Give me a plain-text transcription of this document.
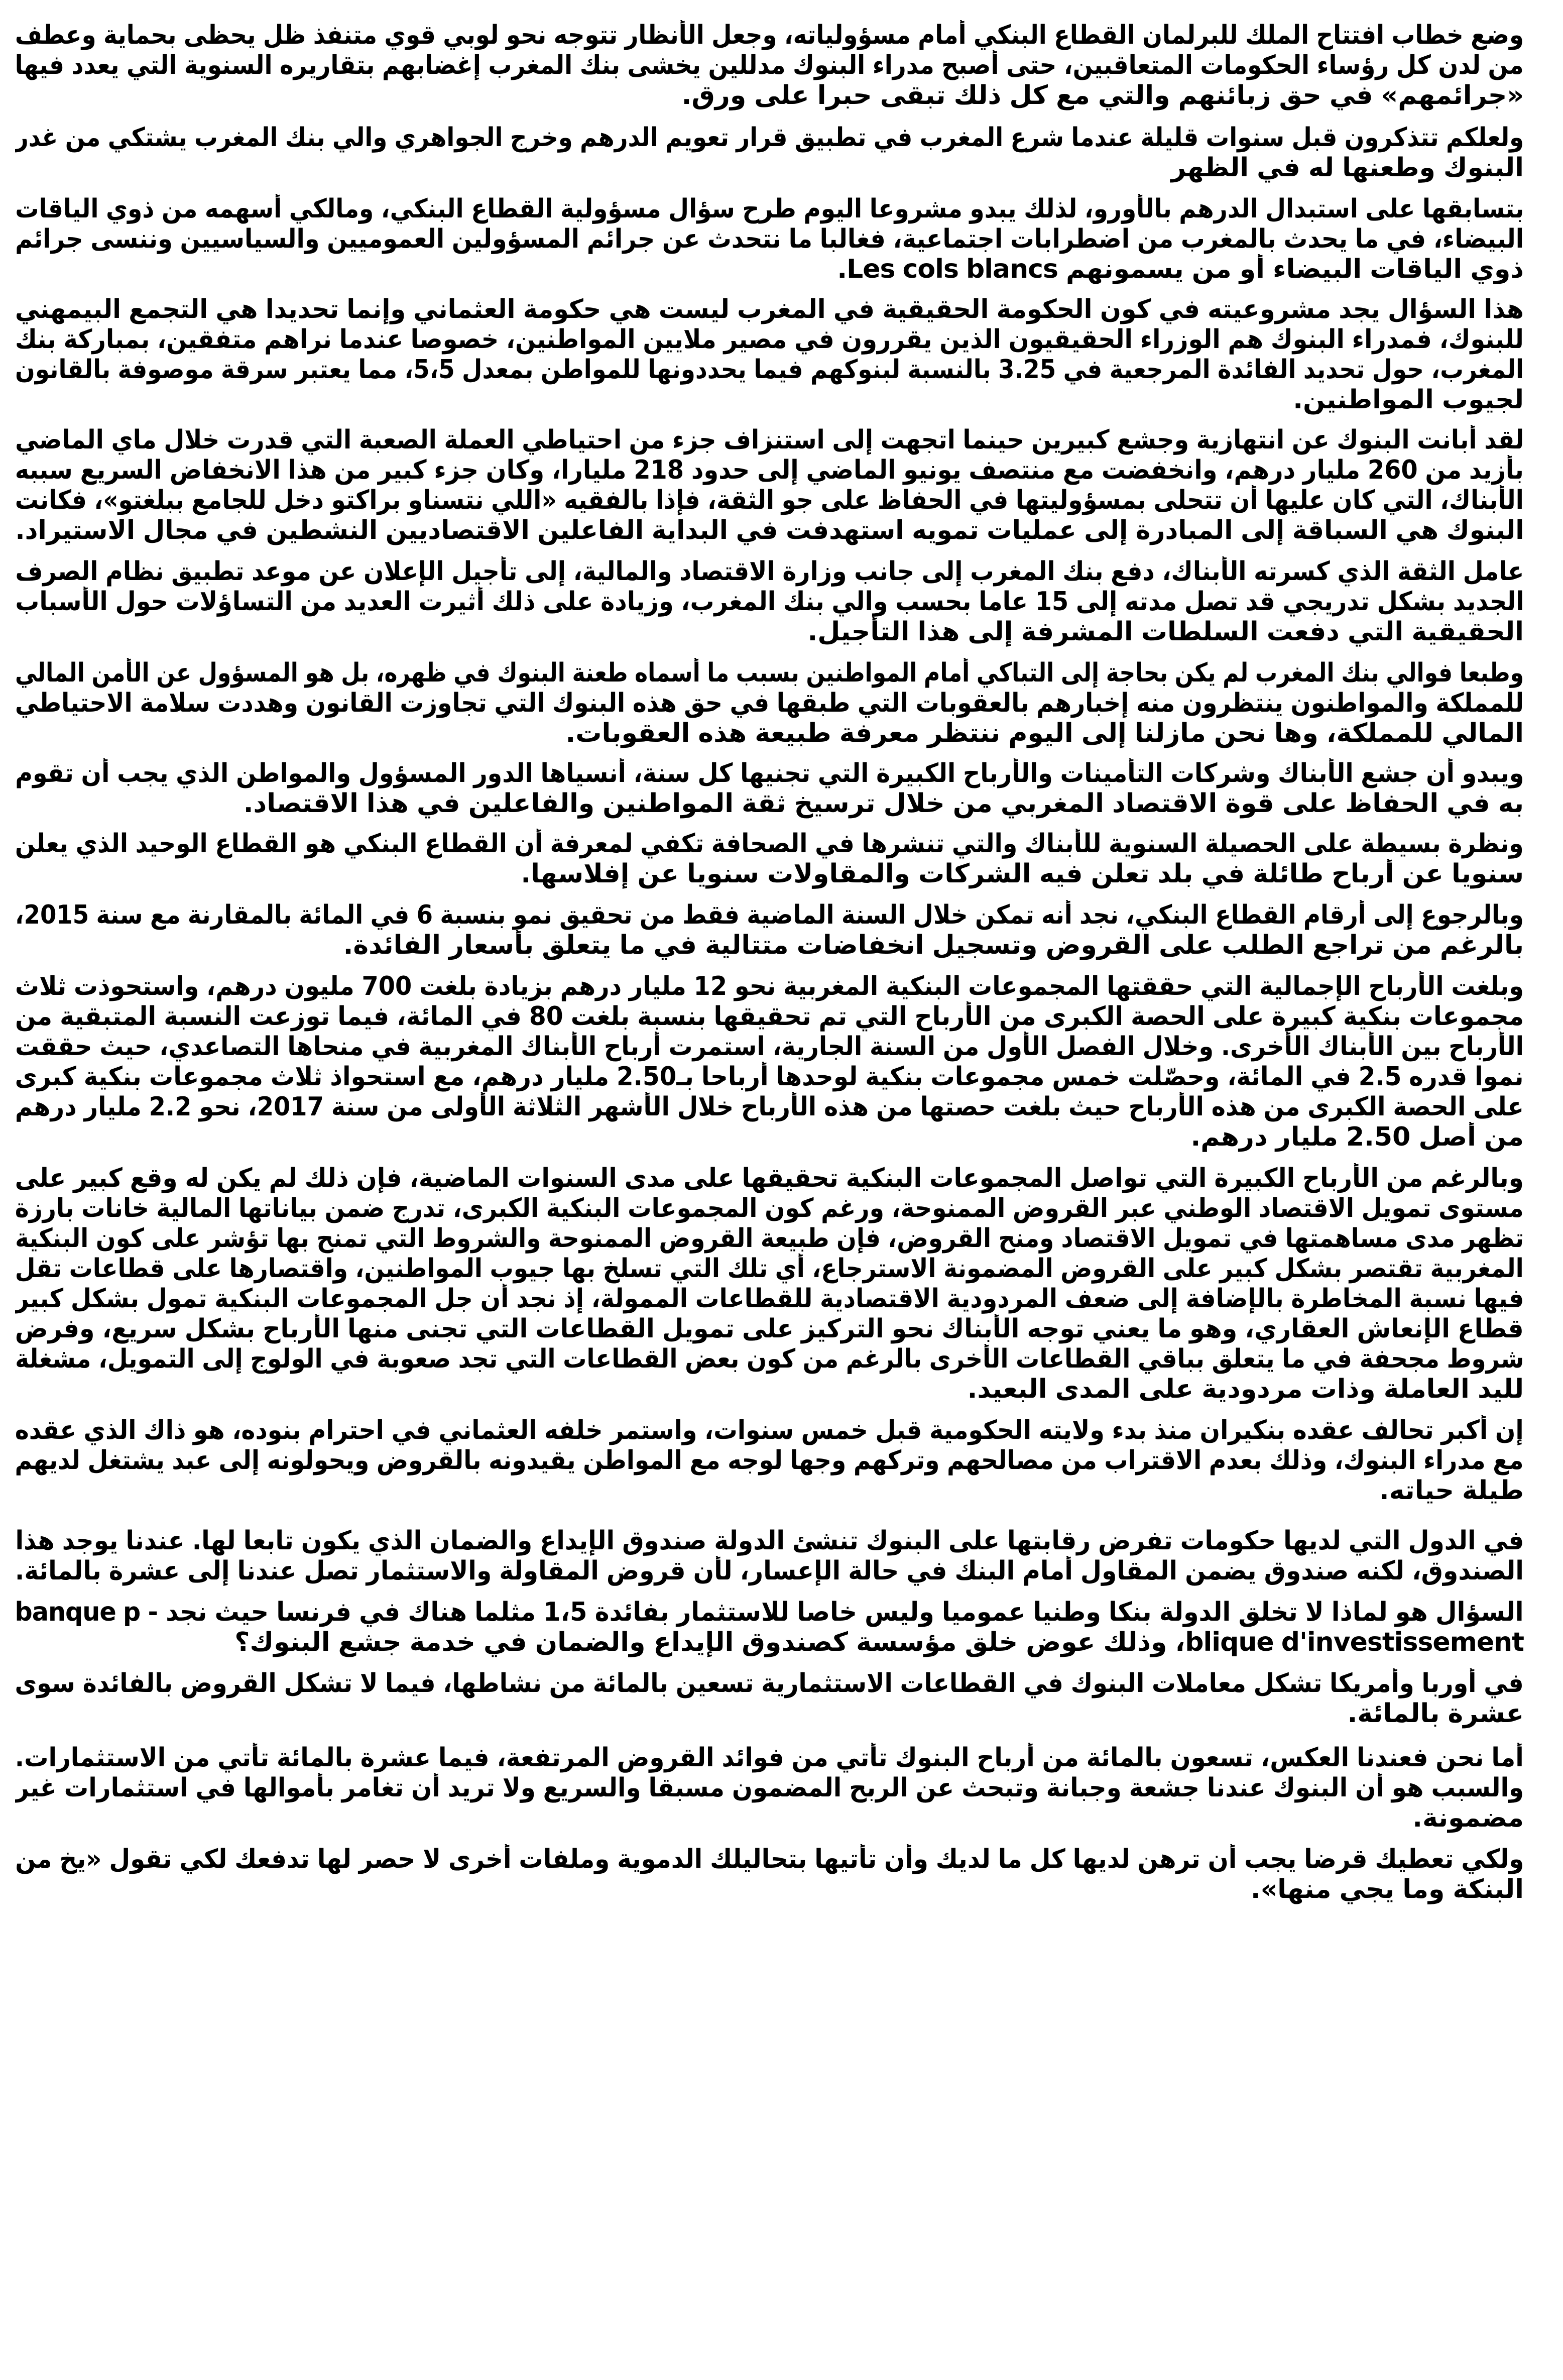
وضع خطاب افتتاح الملك للبرلمان القطاع البنكي أمام مسؤولياته، وجعل الأنظار تتوجه نحو لوبي قوي متنفذ ظل يحظى بحماية وعطف
من لدن كل رؤساء الحكومات المتعاقبين، حتى أصبح مدراء البنوك مدللين يخشى بنك المغرب إغضابهم بتقاريره السنوية التي يعدد فيها
«جرائمهم» في حق زبائنهم والتي مع كل ذلك تبقى حبرا على ورق.
ولعلكم تتذكرون قبل سنوات قليلة عندما شرع المغرب في تطبيق قرار تعويم الدرهم وخرج الجواهري والي بنك المغرب يشتكي من غدر
البنوك وطعنها له في الظهر
بتسابقها على استبدال الدرهم بالأورو، لذلك يبدو مشروعا اليوم طرح سؤال مسؤولية القطاع البنكي، ومالكي أسهمه من ذوي الياقات
البيضاء، في ما يحدث بالمغرب من اضطرابات اجتماعية، فغالبا ما نتحدث عن جرائم المسؤولين العموميين والسياسيين وننسى جرائم
ذوي الياقات البيضاء أو من يسمونهم Les cols blancs.
هذا السؤال يجد مشروعيته في كون الحكومة الحقيقية في المغرب ليست هي حكومة العثماني وإنما تحديدا هي التجمع البيمهني
للبنوك، فمدراء البنوك هم الوزراء الحقيقيون الذين يقررون في مصير ملايين المواطنين، خصوصا عندما نراهم متفقين، بمباركة بنك
المغرب، حول تحديد الفائدة المرجعية في 3.25 بالنسبة لبنوكهم فيما يحددونها للمواطن بمعدل 5،5، مما يعتبر سرقة موصوفة بالقانون
لجيوب المواطنين.
لقد أبانت البنوك عن انتهازية وجشع كبيرين حينما اتجهت إلى استنزاف جزء من احتياطي العملة الصعبة التي قدرت خلال ماي الماضي
بأزيد من 260 مليار درهم، وانخفضت مع منتصف يونيو الماضي إلى حدود 218 مليارا، وكان جزء كبير من هذا الانخفاض السريع سببه
الأبناك، التي كان عليها أن تتحلى بمسؤوليتها في الحفاظ على جو الثقة، فإذا بالفقيه «اللي نتسناو براكتو دخل للجامع ببلغتو»، فكانت
البنوك هي السباقة إلى المبادرة إلى عمليات تمويه استهدفت في البداية الفاعلين الاقتصاديين النشطين في مجال الاستيراد.
عامل الثقة الذي كسرته الأبناك، دفع بنك المغرب إلى جانب وزارة الاقتصاد والمالية، إلى تأجيل الإعلان عن موعد تطبيق نظام الصرف
الجديد بشكل تدريجي قد تصل مدته إلى 15 عاما بحسب والي بنك المغرب، وزيادة على ذلك أثيرت العديد من التساؤلات حول الأسباب
الحقيقية التي دفعت السلطات المشرفة إلى هذا التأجيل.
وطبعا فوالي بنك المغرب لم يكن بحاجة إلى التباكي أمام المواطنين بسبب ما أسماه طعنة البنوك في ظهره، بل هو المسؤول عن الأمن المالي
للمملكة والمواطنون ينتظرون منه إخبارهم بالعقوبات التي طبقها في حق هذه البنوك التي تجاوزت القانون وهددت سلامة الاحتياطي
المالي للمملكة، وها نحن مازلنا إلى اليوم ننتظر معرفة طبيعة هذه العقوبات.
ويبدو أن جشع الأبناك وشركات التأمينات والأرباح الكبيرة التي تجنيها كل سنة، أنسياها الدور المسؤول والمواطن الذي يجب أن تقوم
به في الحفاظ على قوة الاقتصاد المغربي من خلال ترسيخ ثقة المواطنين والفاعلين في هذا الاقتصاد.
ونظرة بسيطة على الحصيلة السنوية للأبناك والتي تنشرها في الصحافة تكفي لمعرفة أن القطاع البنكي هو القطاع الوحيد الذي يعلن
سنويا عن أرباح طائلة في بلد تعلن فيه الشركات والمقاولات سنويا عن إفلاسها.
وبالرجوع إلى أرقام القطاع البنكي، نجد أنه تمكن خلال السنة الماضية فقط من تحقيق نمو بنسبة 6 في المائة بالمقارنة مع سنة 2015،
بالرغم من تراجع الطلب على القروض وتسجيل انخفاضات متتالية في ما يتعلق بأسعار الفائدة.
وبلغت الأرباح الإجمالية التي حققتها المجموعات البنكية المغربية نحو 12 مليار درهم بزيادة بلغت 700 مليون درهم، واستحوذت ثلاث
مجموعات بنكية كبيرة على الحصة الكبرى من الأرباح التي تم تحقيقها بنسبة بلغت 80 في المائة، فيما توزعت النسبة المتبقية من
الأرباح بين الأبناك الأخرى. وخلال الفصل الأول من السنة الجارية، استمرت أرباح الأبناك المغربية في منحاها التصاعدي، حيث حققت
نموا قدره 2.5 في المائة، وحصّلت خمس مجموعات بنكية لوحدها أرباحا بـ2.50 مليار درهم، مع استحواذ ثلاث مجموعات بنكية كبرى
على الحصة الكبرى من هذه الأرباح حيث بلغت حصتها من هذه الأرباح خلال الأشهر الثلاثة الأولى من سنة 2017، نحو 2.2 مليار درهم
من أصل 2.50 مليار درهم.
وبالرغم من الأرباح الكبيرة التي تواصل المجموعات البنكية تحقيقها على مدى السنوات الماضية، فإن ذلك لم يكن له وقع كبير على
مستوى تمويل الاقتصاد الوطني عبر القروض الممنوحة، ورغم كون المجموعات البنكية الكبرى، تدرج ضمن بياناتها المالية خانات بارزة
تظهر مدى مساهمتها في تمويل الاقتصاد ومنح القروض، فإن طبيعة القروض الممنوحة والشروط التي تمنح بها تؤشر على كون البنكية
المغربية تقتصر بشكل كبير على القروض المضمونة الاسترجاع، أي تلك التي تسلخ بها جيوب المواطنين، واقتصارها على قطاعات تقل
فيها نسبة المخاطرة بالإضافة إلى ضعف المردودية الاقتصادية للقطاعات الممولة، إذ نجد أن جل المجموعات البنكية تمول بشكل كبير
قطاع الإنعاش العقاري، وهو ما يعني توجه الأبناك نحو التركيز على تمويل القطاعات التي تجنى منها الأرباح بشكل سريع، وفرض
شروط مجحفة في ما يتعلق بباقي القطاعات الأخرى بالرغم من كون بعض القطاعات التي تجد صعوبة في الولوج إلى التمويل، مشغلة
لليد العاملة وذات مردودية على المدى البعيد.
إن أكبر تحالف عقده بنكيران منذ بدء ولايته الحكومية قبل خمس سنوات، واستمر خلفه العثماني في احترام بنوده، هو ذاك الذي عقده
مع مدراء البنوك، وذلك بعدم الاقتراب من مصالحهم وتركهم وجها لوجه مع المواطن يقيدونه بالقروض ويحولونه إلى عبد يشتغل لديهم
طيلة حياته.
في الدول التي لديها حكومات تفرض رقابتها على البنوك تنشئ الدولة صندوق الإيداع والضمان الذي يكون تابعا لها. عندنا يوجد هذا
الصندوق، لكنه صندوق يضمن المقاول أمام البنك في حالة الإعسار، لأن قروض المقاولة والاستثمار تصل عندنا إلى عشرة بالمائة.
السؤال هو لماذا لا تخلق الدولة بنكا وطنيا عموميا وليس خاصا للاستثمار بفائدة 1،5 مثلما هناك في فرنسا حيث نجد - banque p
blique d'investissement، وذلك عوض خلق مؤسسة كصندوق الإيداع والضمان في خدمة جشع البنوك؟
في أوربا وأمريكا تشكل معاملات البنوك في القطاعات الاستثمارية تسعين بالمائة من نشاطها، فيما لا تشكل القروض بالفائدة سوى
عشرة بالمائة.
أما نحن فعندنا العكس، تسعون بالمائة من أرباح البنوك تأتي من فوائد القروض المرتفعة، فيما عشرة بالمائة تأتي من الاستثمارات.
والسبب هو أن البنوك عندنا جشعة وجبانة وتبحث عن الربح المضمون مسبقا والسريع ولا تريد أن تغامر بأموالها في استثمارات غير
مضمونة.
ولكي تعطيك قرضا يجب أن ترهن لديها كل ما لديك وأن تأتيها بتحاليلك الدموية وملفات أخرى لا حصر لها تدفعك لكي تقول «يخ من
البنكة وما يجي منها».
